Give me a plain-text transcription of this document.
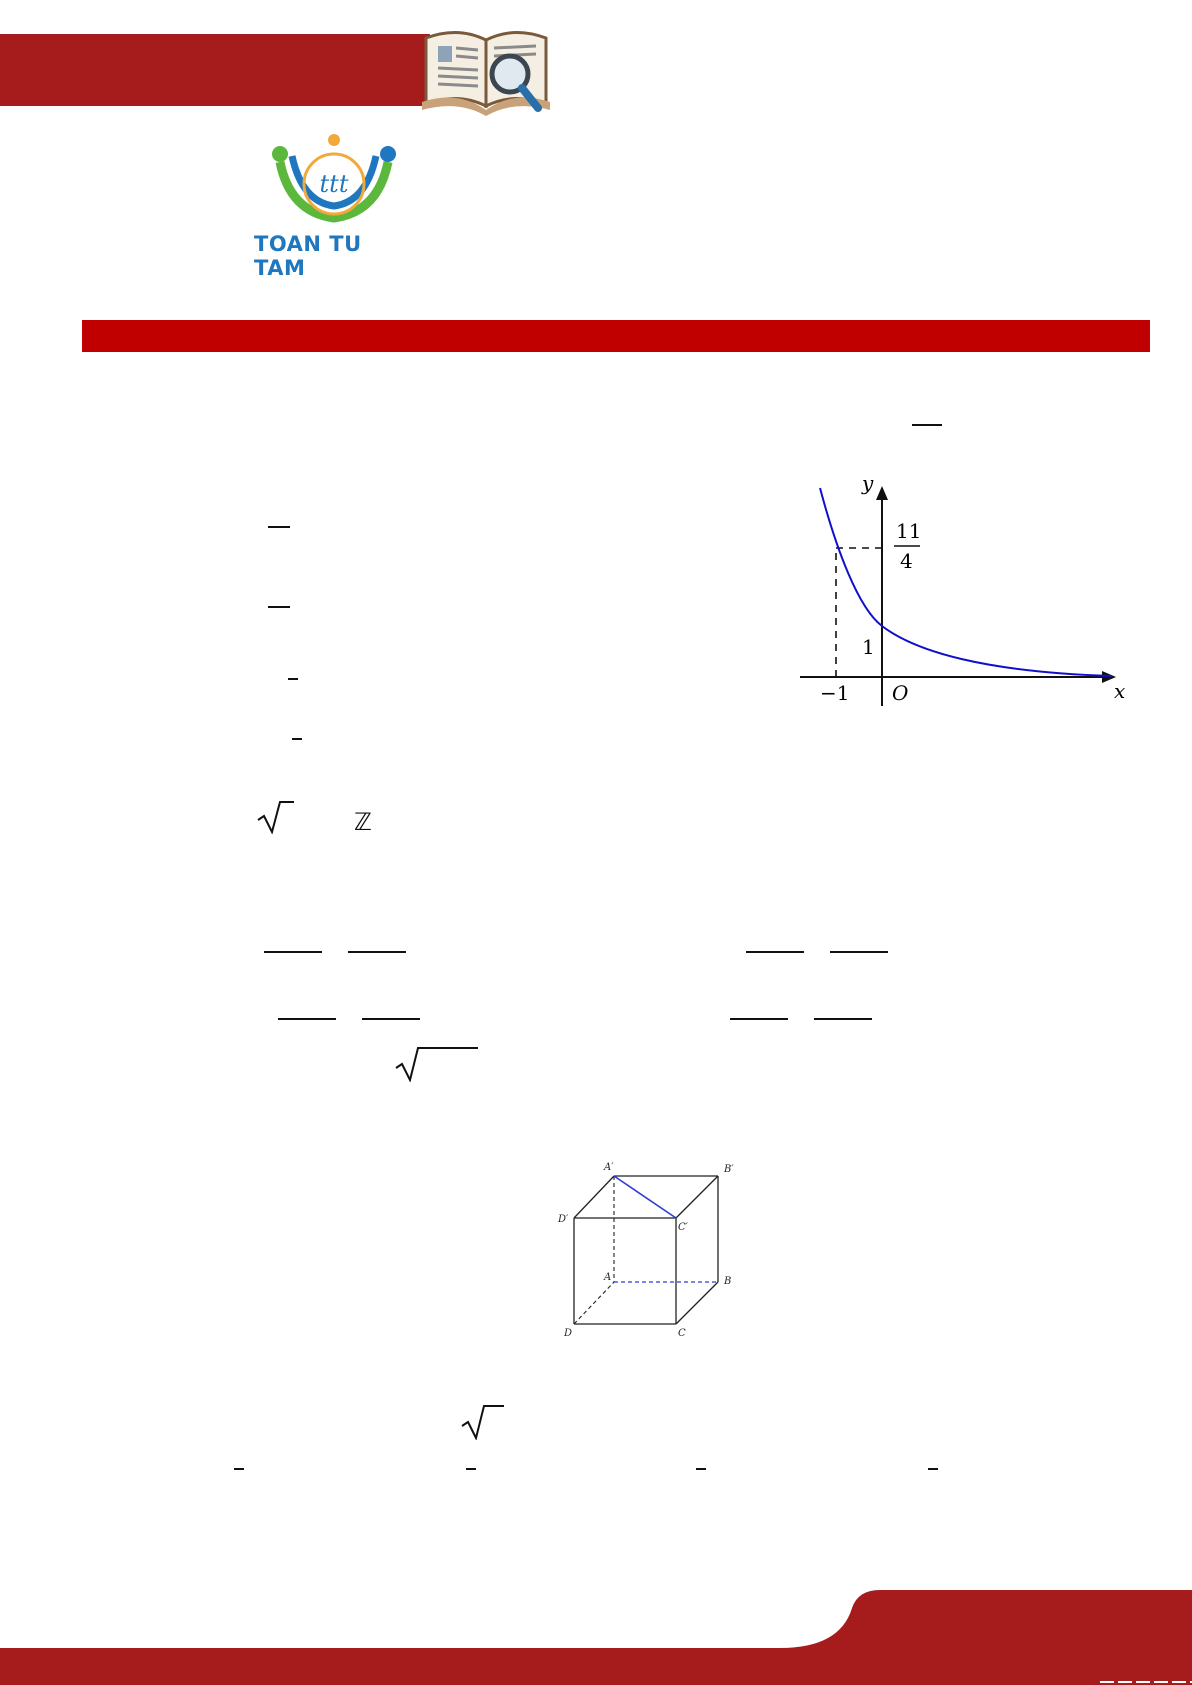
ttt
TOAN TU TAM
ℤ
y
x
O
11
4
1
−1
A′	B′
C′
D′
A	B
C
D
